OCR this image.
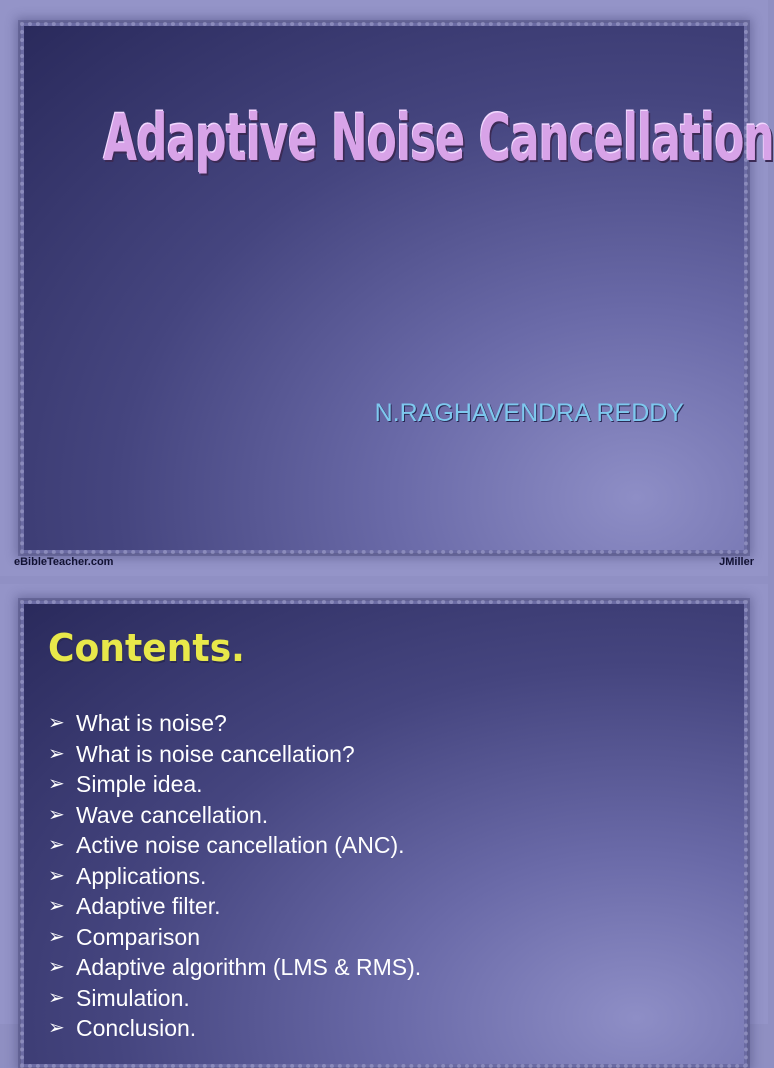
Adaptive Noise Cancellation
N.RAGHAVENDRA REDDY
eBibleTeacher.com	JMiller
Contents.
➢ What is noise?
➢ What is noise cancellation?
➢ Simple idea.
➢ Wave cancellation.
➢ Active noise cancellation (ANC).
➢ Applications.
➢ Adaptive filter.
➢ Comparison
➢ Adaptive algorithm (LMS & RMS).
➢ Simulation.
➢ Conclusion.
